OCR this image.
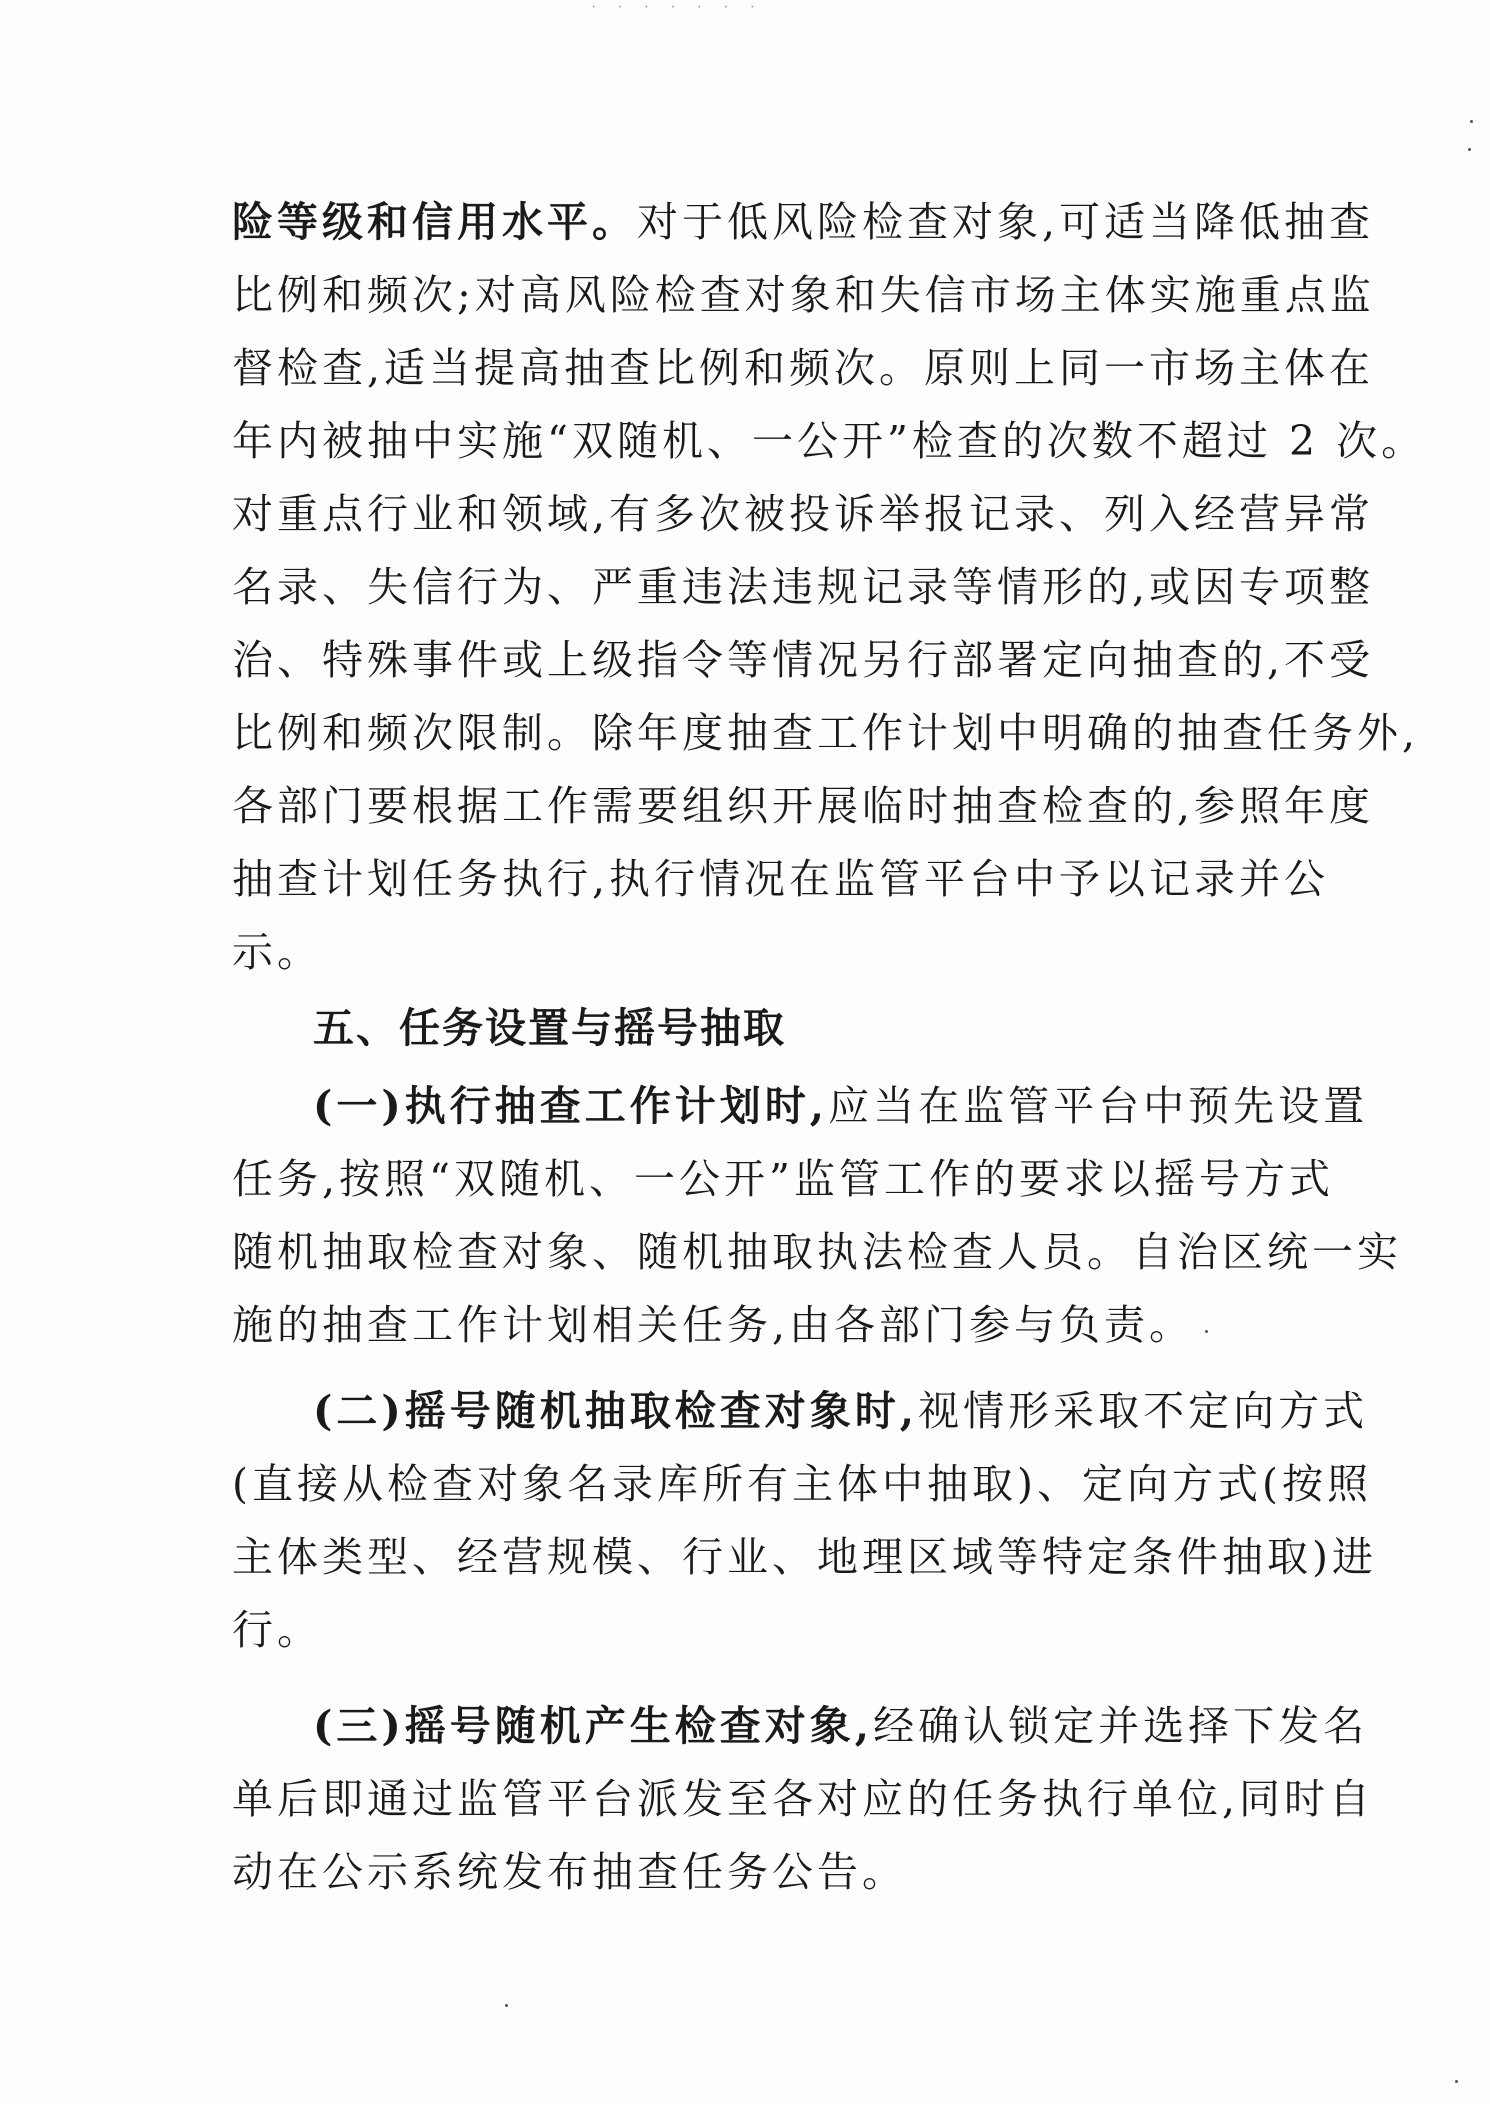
· · · · · · ·
险等级和信用水平。对于低风险检查对象,可适当降低抽查
比例和频次;对高风险检查对象和失信市场主体实施重点监
督检查,适当提高抽查比例和频次。原则上同一市场主体在
年内被抽中实施“双随机、一公开”检查的次数不超过 2 次。
对重点行业和领域,有多次被投诉举报记录、列入经营异常
名录、失信行为、严重违法违规记录等情形的,或因专项整
治、特殊事件或上级指令等情况另行部署定向抽查的,不受
比例和频次限制。除年度抽查工作计划中明确的抽查任务外,
各部门要根据工作需要组织开展临时抽查检查的,参照年度
抽查计划任务执行,执行情况在监管平台中予以记录并公
示。
五、任务设置与摇号抽取
(一)执行抽查工作计划时,应当在监管平台中预先设置
任务,按照“双随机、一公开”监管工作的要求以摇号方式
随机抽取检查对象、随机抽取执法检查人员。自治区统一实
施的抽查工作计划相关任务,由各部门参与负责。
(二)摇号随机抽取检查对象时,视情形采取不定向方式
(直接从检查对象名录库所有主体中抽取)、定向方式(按照
主体类型、经营规模、行业、地理区域等特定条件抽取)进
行。
(三)摇号随机产生检查对象,经确认锁定并选择下发名
单后即通过监管平台派发至各对应的任务执行单位,同时自
动在公示系统发布抽查任务公告。
